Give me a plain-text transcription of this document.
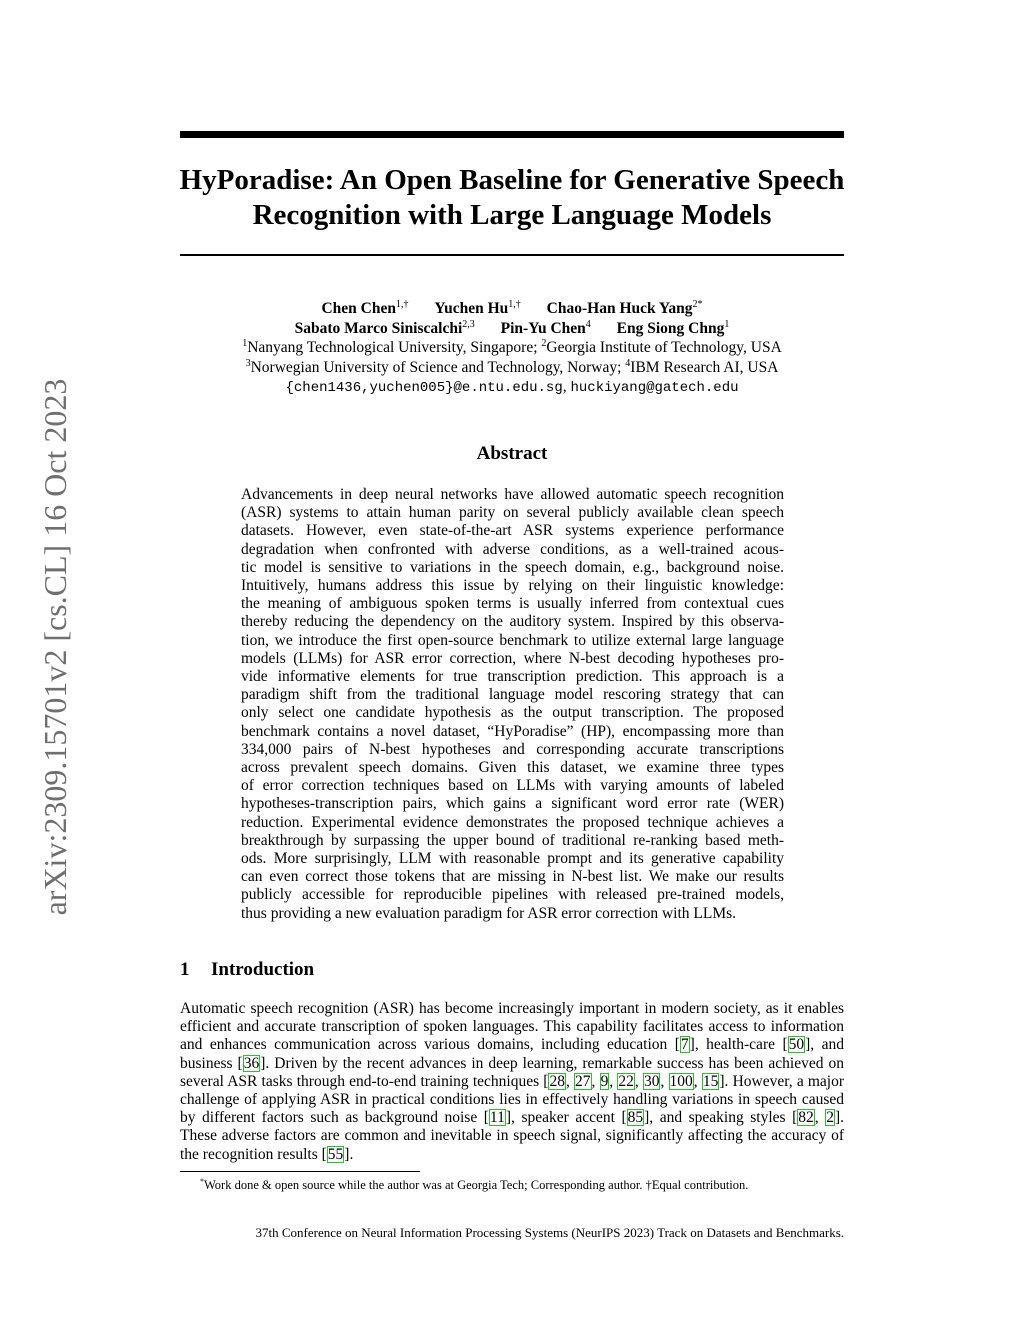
arXiv:2309.15701v2 [cs.CL] 16 Oct 2023
HyPoradise: An Open Baseline for Generative Speech
Recognition with Large Language Models
Chen Chen$^{1,\dagger}$ Yuchen $Hu^{1,\dagger}$ Chao-Han Huck Yang$^{2*}$
Sabato Marco Siniscalchi$^{2,3}$ Pin-Yu Chen$^4$ Eng Siong Chng$^1$
$^1$Nanyang Technological University, Singapore; $^2$Georgia Institute of Technology, USA
$^3$Norwegian University of Science and Technology, Norway; $^4$IBM Research AI, USA
{chen1436,yuchen005}@e.ntu.edu.sg, huckiyang@gatech.edu
Abstract
Advancements in deep neural networks have allowed automatic speech recognition
(ASR) systems to attain human parity on several publicly available clean speech
datasets. However, even state-of-the-art ASR systems experience performance
degradation when confronted with adverse conditions, as a well-trained acous-
tic model is sensitive to variations in the speech domain, e.g., background noise.
Intuitively, humans address this issue by relying on their linguistic knowledge:
the meaning of ambiguous spoken terms is usually inferred from contextual cues
thereby reducing the dependency on the auditory system. Inspired by this observa-
tion, we introduce the first open-source benchmark to utilize external large language
models (LLMs) for ASR error correction, where N-best decoding hypotheses pro-
vide informative elements for true transcription prediction. This approach is a
paradigm shift from the traditional language model rescoring strategy that can
only select one candidate hypothesis as the output transcription. The proposed
benchmark contains a novel dataset, “HyPoradise” (HP), encompassing more than
334,000 pairs of N-best hypotheses and corresponding accurate transcriptions
across prevalent speech domains. Given this dataset, we examine three types
of error correction techniques based on LLMs with varying amounts of labeled
hypotheses-transcription pairs, which gains a significant word error rate (WER)
reduction. Experimental evidence demonstrates the proposed technique achieves a
breakthrough by surpassing the upper bound of traditional re-ranking based meth-
ods. More surprisingly, LLM with reasonable prompt and its generative capability
can even correct those tokens that are missing in N-best list. We make our results
publicly accessible for reproducible pipelines with released pre-trained models,
thus providing a new evaluation paradigm for ASR error correction with LLMs.
1 Introduction
Automatic speech recognition (ASR) has become increasingly important in modern society, as it enables efficient and accurate transcription of spoken languages. This capability facilitates access to information and enhances communication across various domains, including education [7], health-care [50], and business [36]. Driven by the recent advances in deep learning, remarkable success has been achieved on several ASR tasks through end-to-end training techniques [28, 27, 9, 22, 30, 100, 15]. However, a major challenge of applying ASR in practical conditions lies in effectively handling variations in speech caused by different factors such as background noise [11], speaker accent [85], and speaking styles [82, 2]. These adverse factors are common and inevitable in speech signal, significantly affecting the accuracy of the recognition results [55].
*Work done & open source while the author was at Georgia Tech; Corresponding author. †Equal contribution.
37th Conference on Neural Information Processing Systems (NeurIPS 2023) Track on Datasets and Benchmarks.
